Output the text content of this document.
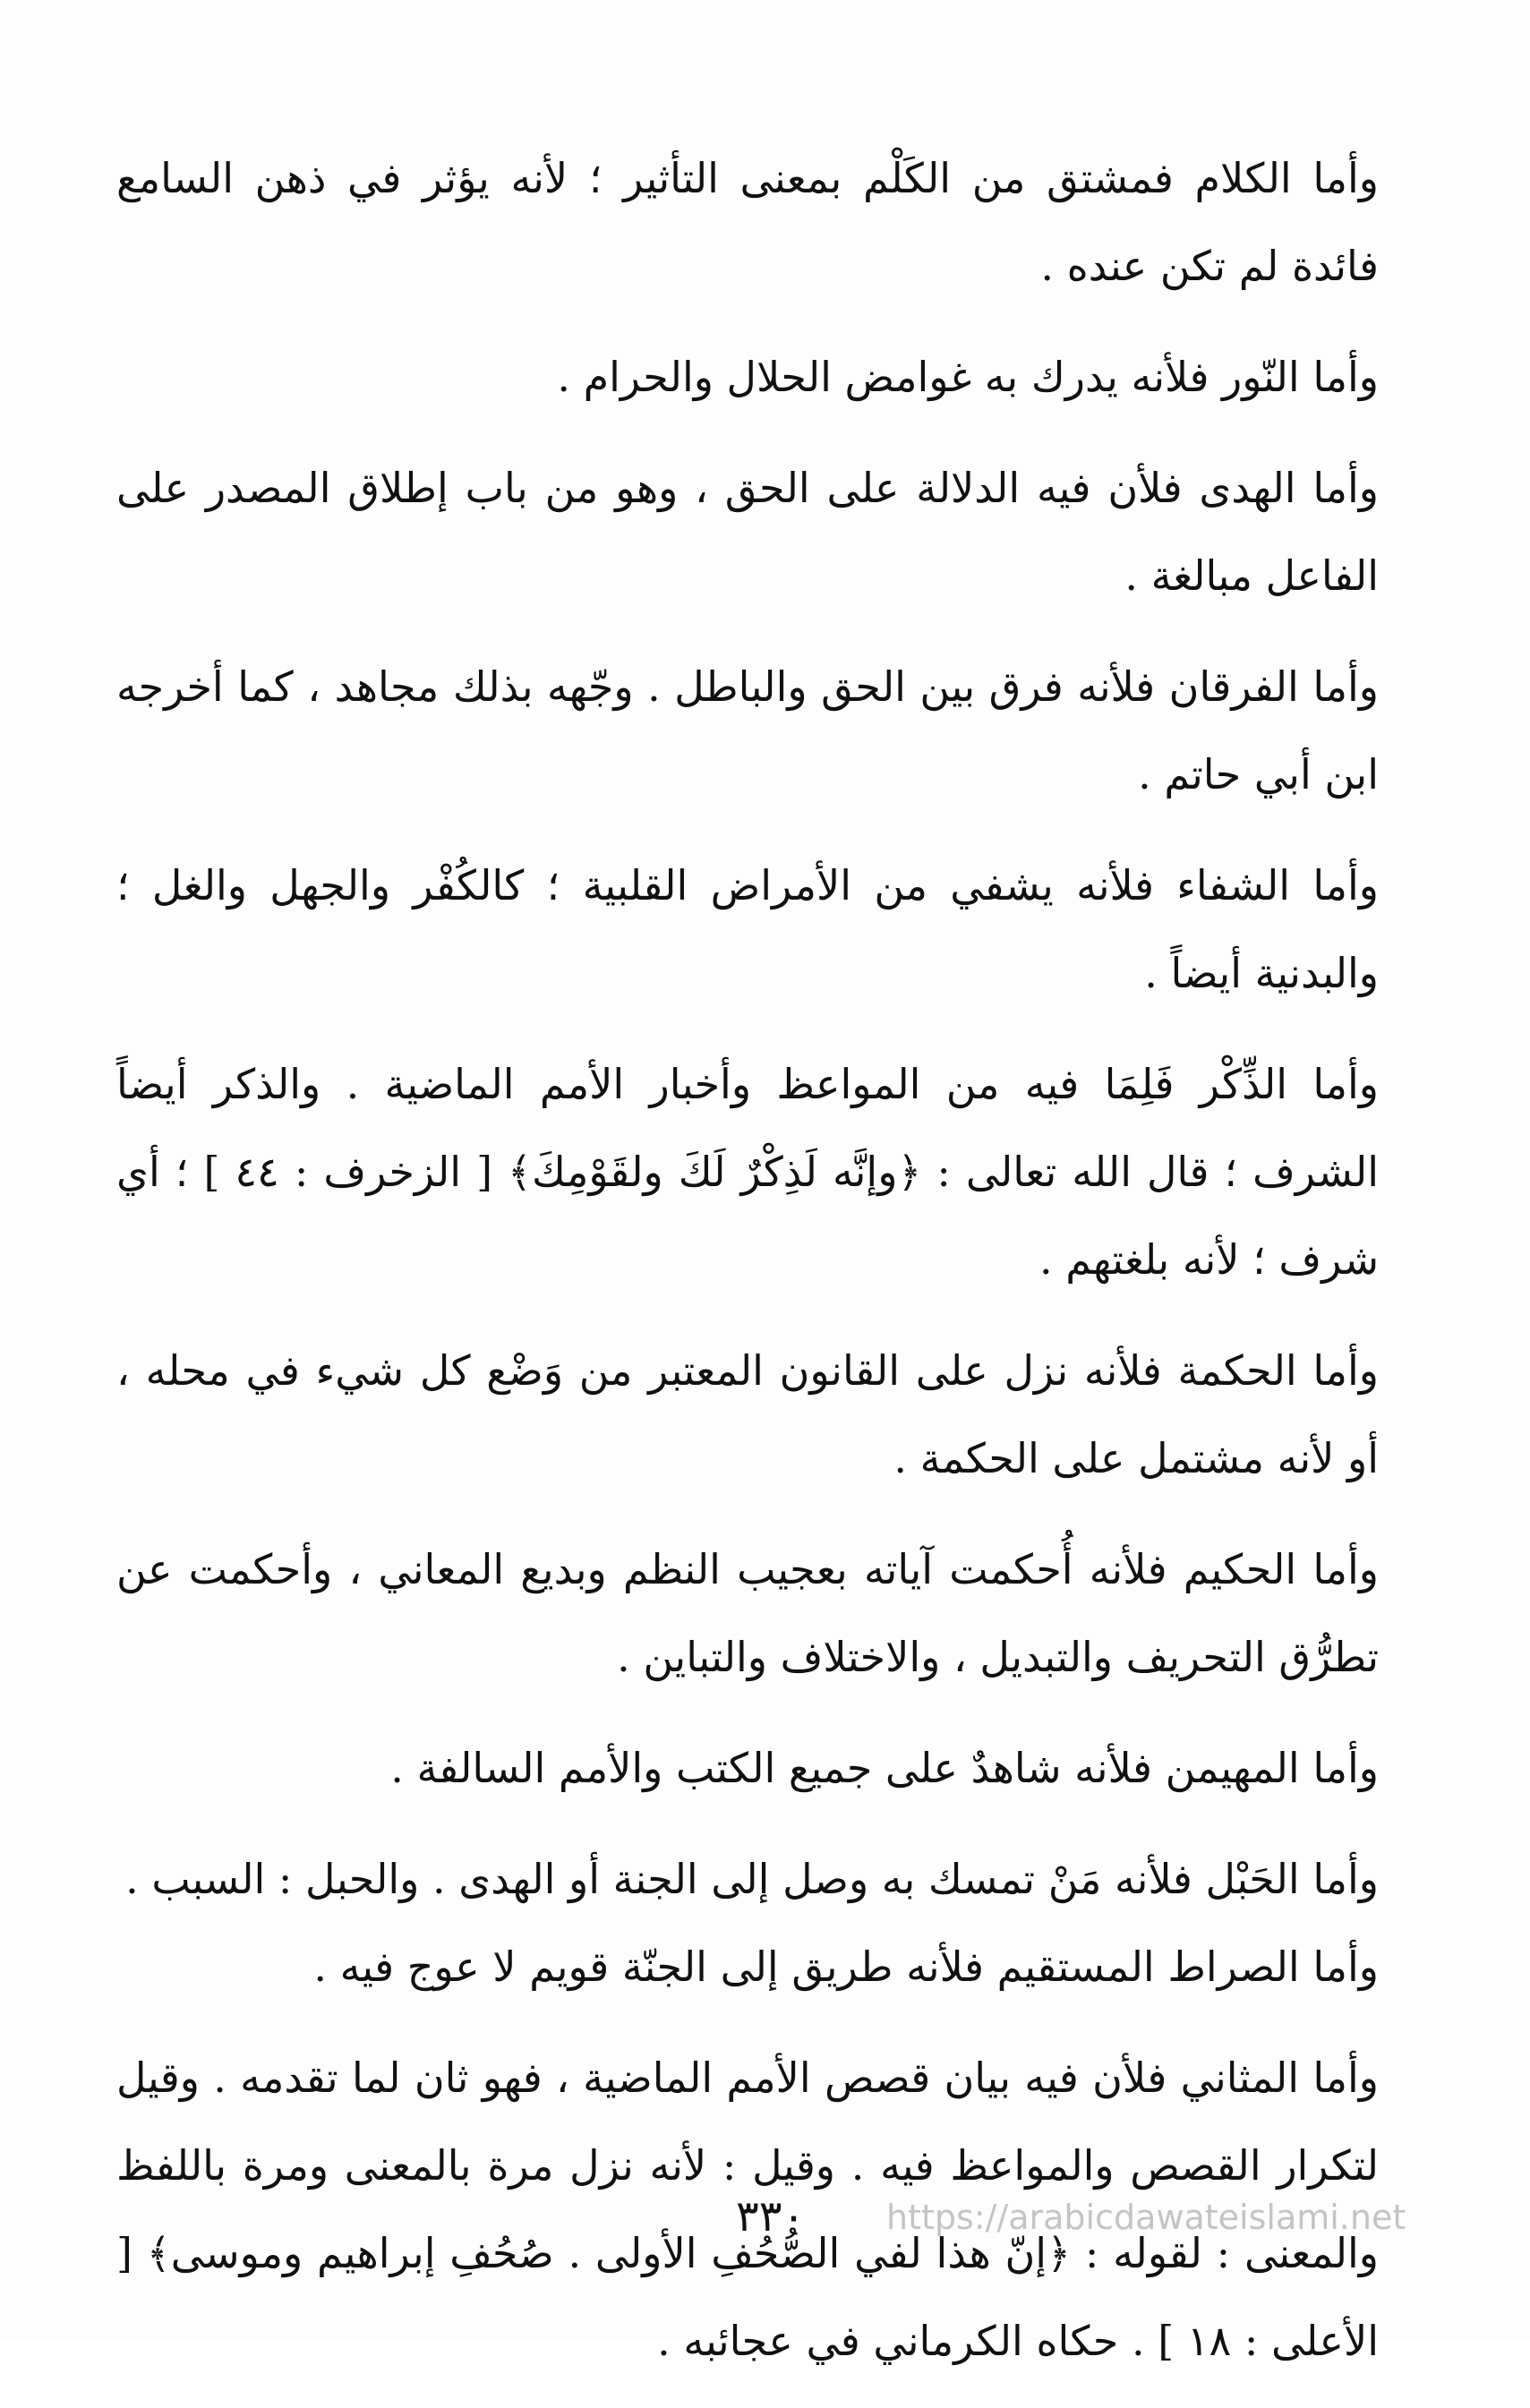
وأما الكلام فمشتق من الكَلْم بمعنى التأثير ؛ لأنه يؤثر في ذهن السامع فائدة لم تكن عنده .

وأما النّور فلأنه يدرك به غوامض الحلال والحرام .

وأما الهدى فلأن فيه الدلالة على الحق ، وهو من باب إطلاق المصدر على الفاعل مبالغة .

وأما الفرقان فلأنه فرق بين الحق والباطل . وجّهه بذلك مجاهد ، كما أخرجه ابن أبي حاتم .

وأما الشفاء فلأنه يشفي من الأمراض القلبية ؛ كالكُفْر والجهل والغل ؛ والبدنية أيضاً .

وأما الذِّكْر فَلِمَا فيه من المواعظ وأخبار الأمم الماضية . والذكر أيضاً الشرف ؛ قال الله تعالى : ﴿وإنَّه لَذِكْرٌ لَكَ ولقَوْمِكَ﴾ [ الزخرف : ٤٤ ] ؛ أي شرف ؛ لأنه بلغتهم .

وأما الحكمة فلأنه نزل على القانون المعتبر من وَضْع كل شيء في محله ، أو لأنه مشتمل على الحكمة .

وأما الحكيم فلأنه أُحكمت آياته بعجيب النظم وبديع المعاني ، وأحكمت عن تطرُّق التحريف والتبديل ، والاختلاف والتباين .

وأما المهيمن فلأنه شاهدٌ على جميع الكتب والأمم السالفة .

وأما الحَبْل فلأنه مَنْ تمسك به وصل إلى الجنة أو الهدى . والحبل : السبب .

وأما الصراط المستقيم فلأنه طريق إلى الجنّة قويم لا عوج فيه .

وأما المثاني فلأن فيه بيان قصص الأمم الماضية ، فهو ثان لما تقدمه . وقيل لتكرار القصص والمواعظ فيه . وقيل : لأنه نزل مرة بالمعنى ومرة باللفظ والمعنى : لقوله : ﴿إنّ هذا لفي الصُّحُفِ الأولى . صُحُفِ إبراهيم وموسى﴾ [ الأعلى : ١٨ ] . حكاه الكرماني في عجائبه .

٣٣٠ https://arabicdawateislami.net
